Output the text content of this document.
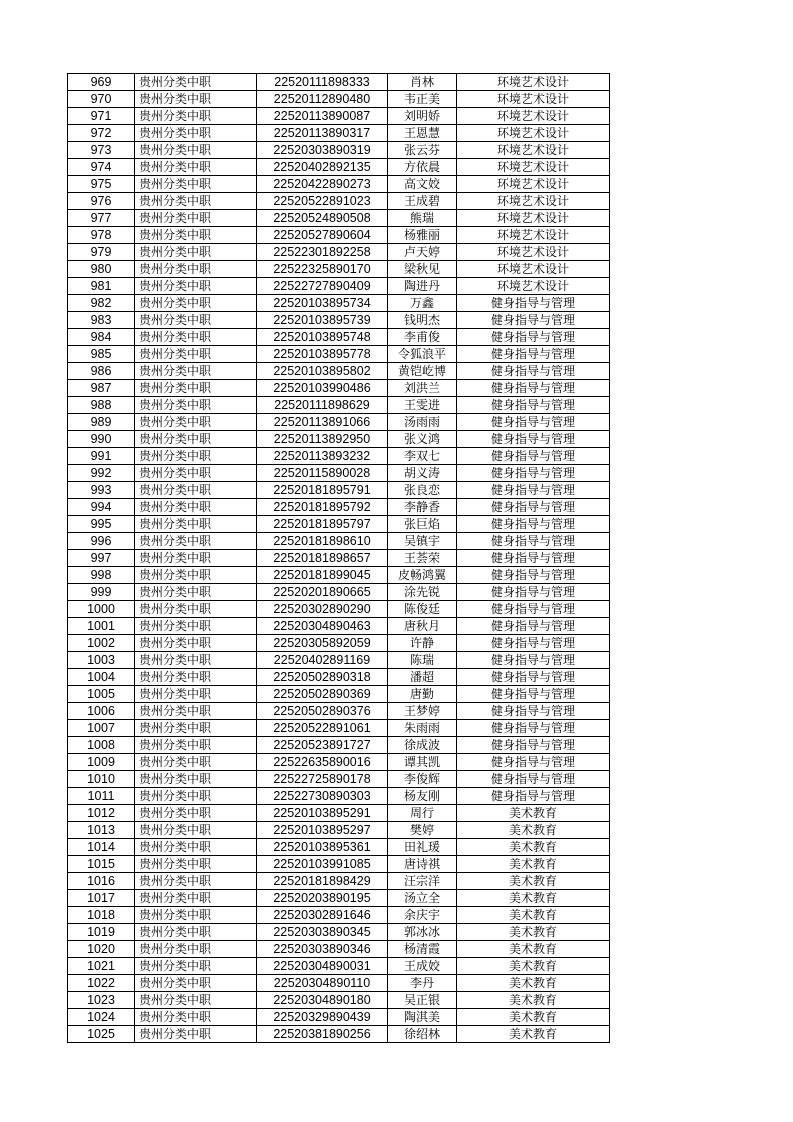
969	贵州分类中职	22520111898333	肖林	环境艺术设计
970	贵州分类中职	22520112890480	韦正美	环境艺术设计
971	贵州分类中职	22520113890087	刘明娇	环境艺术设计
972	贵州分类中职	22520113890317	王恩慧	环境艺术设计
973	贵州分类中职	22520303890319	张云芬	环境艺术设计
974	贵州分类中职	22520402892135	方依晨	环境艺术设计
975	贵州分类中职	22520422890273	高文姣	环境艺术设计
976	贵州分类中职	22520522891023	王成碧	环境艺术设计
977	贵州分类中职	22520524890508	熊瑞	环境艺术设计
978	贵州分类中职	22520527890604	杨雅丽	环境艺术设计
979	贵州分类中职	22522301892258	卢天婷	环境艺术设计
980	贵州分类中职	22522325890170	梁秋见	环境艺术设计
981	贵州分类中职	22522727890409	陶进丹	环境艺术设计
982	贵州分类中职	22520103895734	万鑫	健身指导与管理
983	贵州分类中职	22520103895739	钱明杰	健身指导与管理
984	贵州分类中职	22520103895748	李甫俊	健身指导与管理
985	贵州分类中职	22520103895778	令狐浪平	健身指导与管理
986	贵州分类中职	22520103895802	黄铠屹博	健身指导与管理
987	贵州分类中职	22520103990486	刘洪兰	健身指导与管理
988	贵州分类中职	22520111898629	王雯进	健身指导与管理
989	贵州分类中职	22520113891066	汤雨雨	健身指导与管理
990	贵州分类中职	22520113892950	张义鸿	健身指导与管理
991	贵州分类中职	22520113893232	李双七	健身指导与管理
992	贵州分类中职	22520115890028	胡义涛	健身指导与管理
993	贵州分类中职	22520181895791	张良恋	健身指导与管理
994	贵州分类中职	22520181895792	李静香	健身指导与管理
995	贵州分类中职	22520181895797	张巨焰	健身指导与管理
996	贵州分类中职	22520181898610	吴镇宇	健身指导与管理
997	贵州分类中职	22520181898657	王荟荣	健身指导与管理
998	贵州分类中职	22520181899045	皮畅鸿翼	健身指导与管理
999	贵州分类中职	22520201890665	涂先锐	健身指导与管理
1000	贵州分类中职	22520302890290	陈俊廷	健身指导与管理
1001	贵州分类中职	22520304890463	唐秋月	健身指导与管理
1002	贵州分类中职	22520305892059	许静	健身指导与管理
1003	贵州分类中职	22520402891169	陈瑞	健身指导与管理
1004	贵州分类中职	22520502890318	潘超	健身指导与管理
1005	贵州分类中职	22520502890369	唐勤	健身指导与管理
1006	贵州分类中职	22520502890376	王梦婷	健身指导与管理
1007	贵州分类中职	22520522891061	朱雨雨	健身指导与管理
1008	贵州分类中职	22520523891727	徐成波	健身指导与管理
1009	贵州分类中职	22522635890016	谭其凯	健身指导与管理
1010	贵州分类中职	22522725890178	李俊辉	健身指导与管理
1011	贵州分类中职	22522730890303	杨友刚	健身指导与管理
1012	贵州分类中职	22520103895291	周行	美术教育
1013	贵州分类中职	22520103895297	樊婷	美术教育
1014	贵州分类中职	22520103895361	田礼瑗	美术教育
1015	贵州分类中职	22520103991085	唐诗祺	美术教育
1016	贵州分类中职	22520181898429	汪宗洋	美术教育
1017	贵州分类中职	22520203890195	汤立全	美术教育
1018	贵州分类中职	22520302891646	余庆宇	美术教育
1019	贵州分类中职	22520303890345	郭冰冰	美术教育
1020	贵州分类中职	22520303890346	杨清霞	美术教育
1021	贵州分类中职	22520304890031	王成姣	美术教育
1022	贵州分类中职	22520304890110	李丹	美术教育
1023	贵州分类中职	22520304890180	吴正银	美术教育
1024	贵州分类中职	22520329890439	陶淇美	美术教育
1025	贵州分类中职	22520381890256	徐绍林	美术教育
